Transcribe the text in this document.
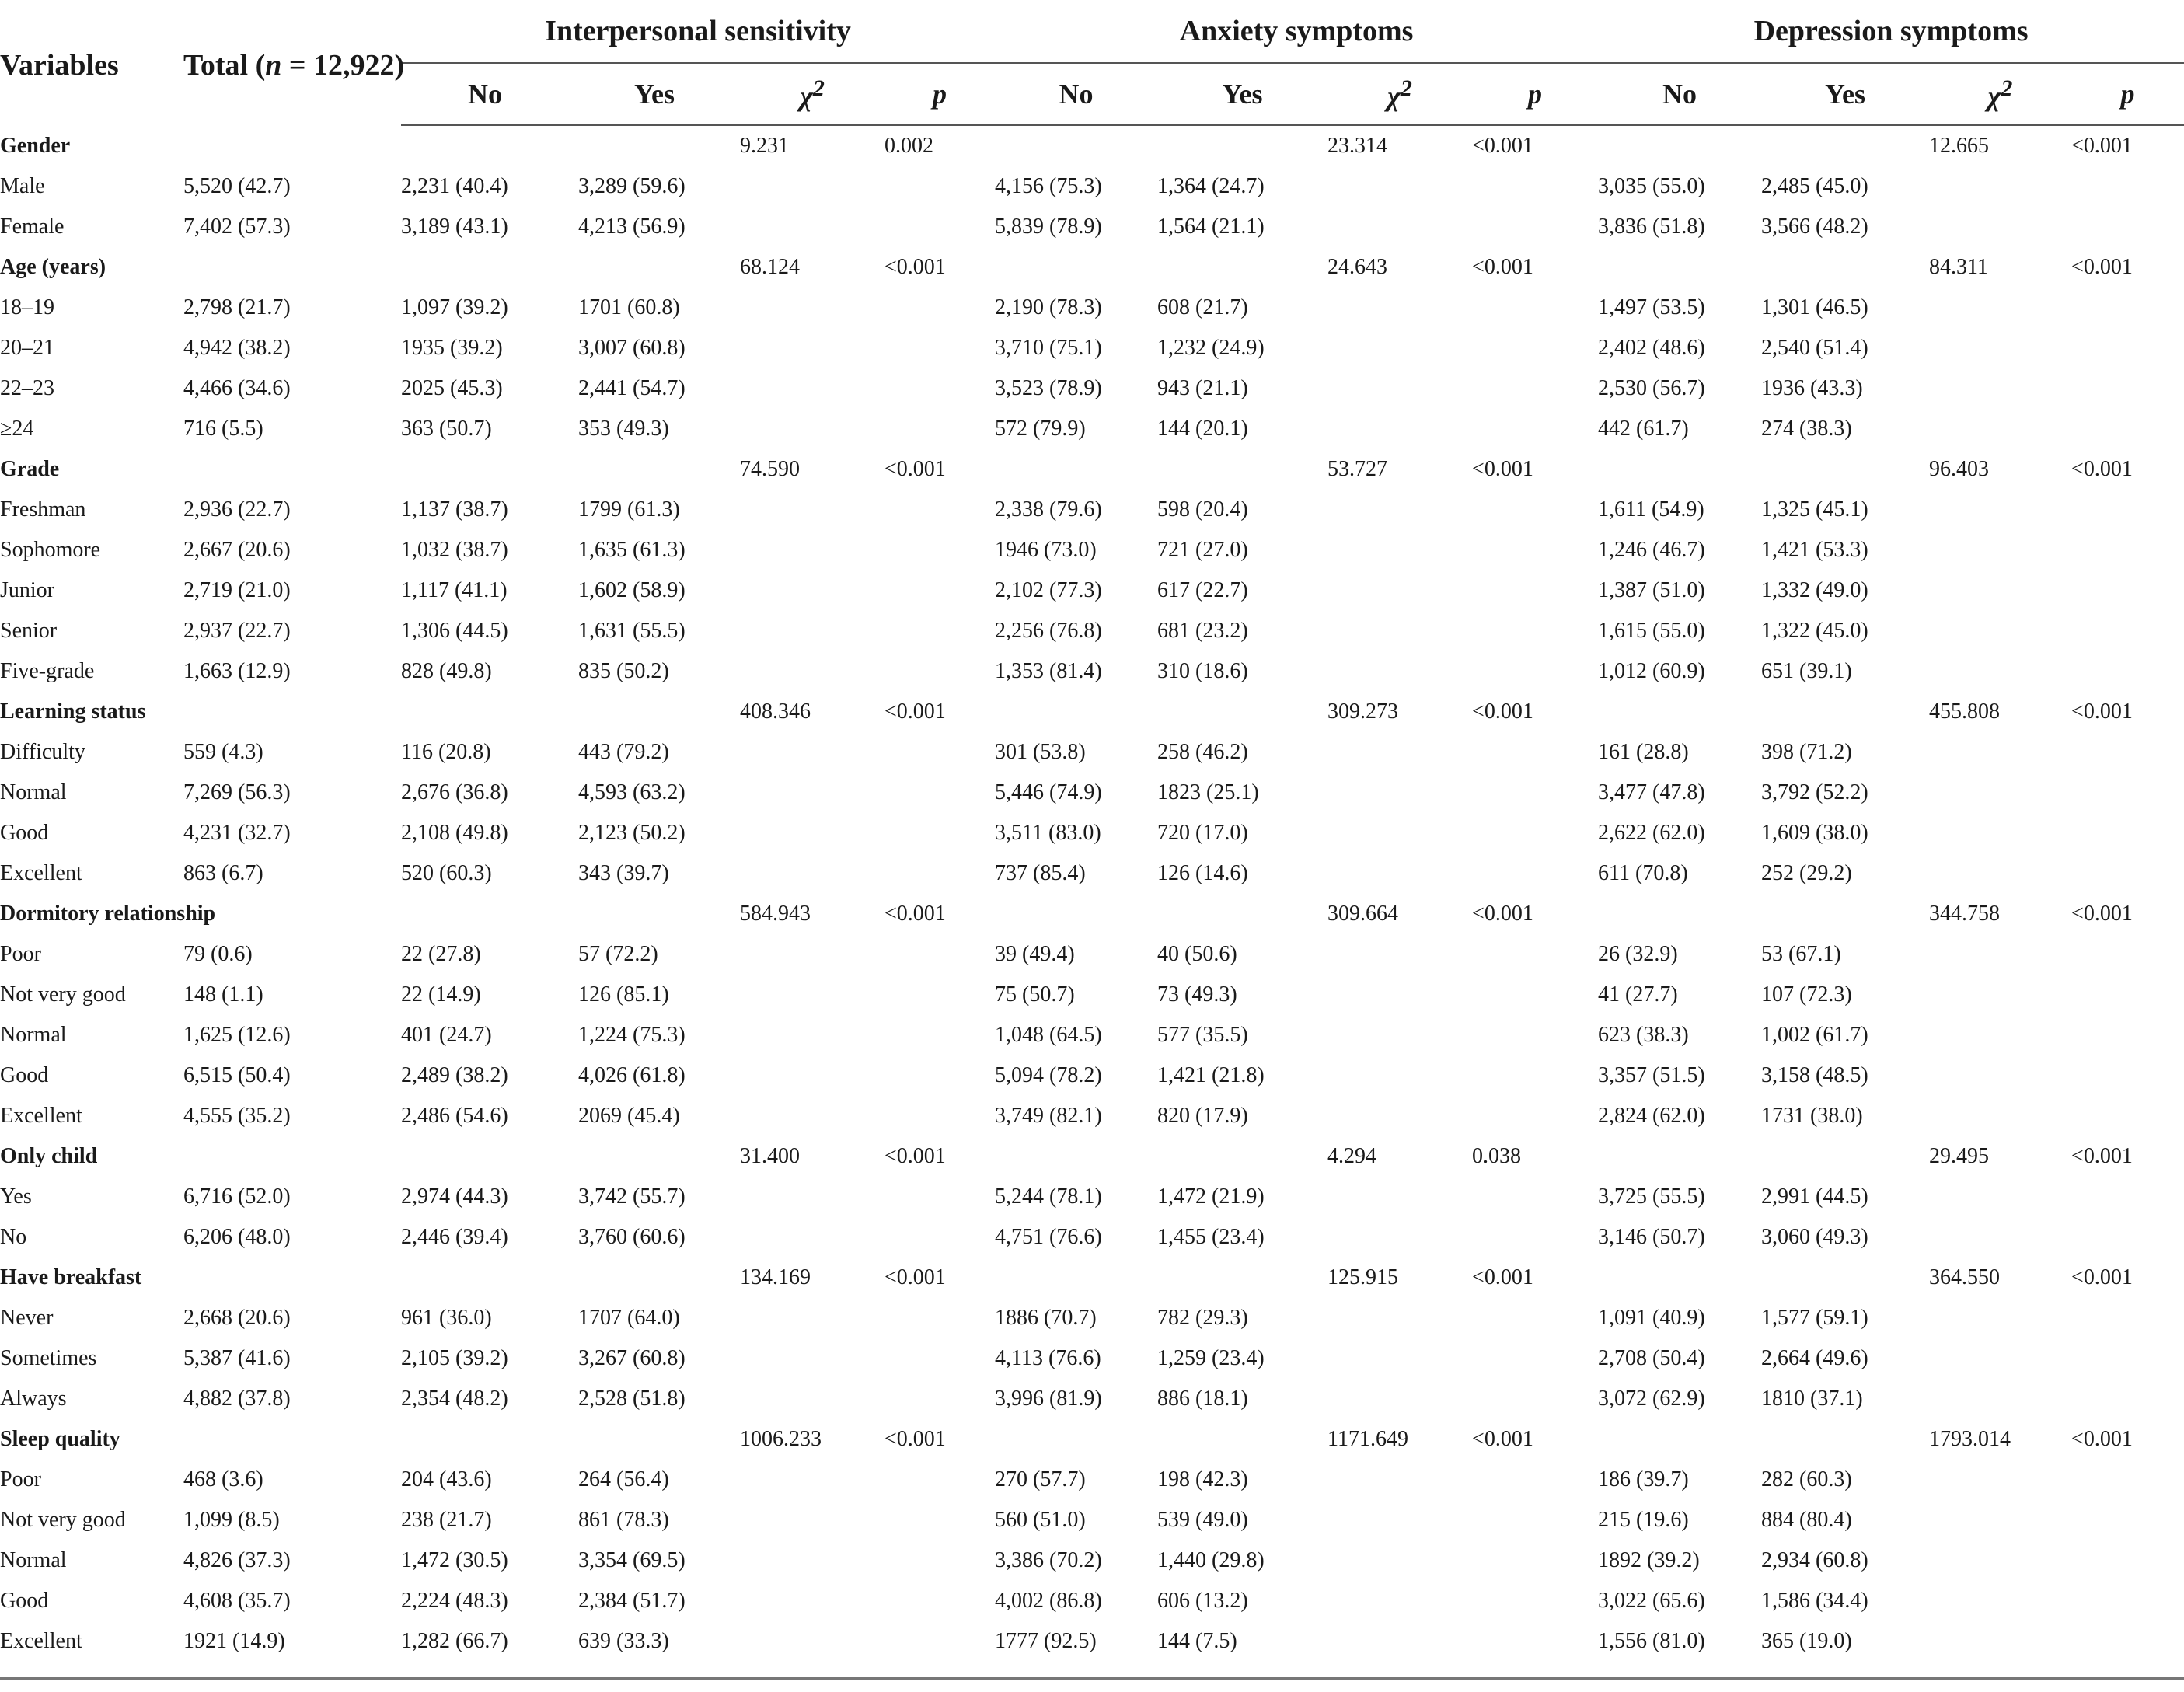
Variables	Total (n = 12,922)	Interpersonal sensitivity				Anxiety symptoms				Depression symptoms			
		No	Yes	$\chi^2$	p	No	Yes	$\chi^2$	p	No	Yes	$\chi^2$	p
Gender				9.231	0.002			23.314	<0.001			12.665	<0.001
Male	5,520 (42.7)	2,231 (40.4)	3,289 (59.6)			4,156 (75.3)	1,364 (24.7)			3,035 (55.0)	2,485 (45.0)		
Female	7,402 (57.3)	3,189 (43.1)	4,213 (56.9)			5,839 (78.9)	1,564 (21.1)			3,836 (51.8)	3,566 (48.2)		
Age (years)				68.124	<0.001			24.643	<0.001			84.311	<0.001
18–19	2,798 (21.7)	1,097 (39.2)	1701 (60.8)			2,190 (78.3)	608 (21.7)			1,497 (53.5)	1,301 (46.5)		
20–21	4,942 (38.2)	1935 (39.2)	3,007 (60.8)			3,710 (75.1)	1,232 (24.9)			2,402 (48.6)	2,540 (51.4)		
22–23	4,466 (34.6)	2025 (45.3)	2,441 (54.7)			3,523 (78.9)	943 (21.1)			2,530 (56.7)	1936 (43.3)		
≥24	716 (5.5)	363 (50.7)	353 (49.3)			572 (79.9)	144 (20.1)			442 (61.7)	274 (38.3)		
Grade				74.590	<0.001			53.727	<0.001			96.403	<0.001
Freshman	2,936 (22.7)	1,137 (38.7)	1799 (61.3)			2,338 (79.6)	598 (20.4)			1,611 (54.9)	1,325 (45.1)		
Sophomore	2,667 (20.6)	1,032 (38.7)	1,635 (61.3)			1946 (73.0)	721 (27.0)			1,246 (46.7)	1,421 (53.3)		
Junior	2,719 (21.0)	1,117 (41.1)	1,602 (58.9)			2,102 (77.3)	617 (22.7)			1,387 (51.0)	1,332 (49.0)		
Senior	2,937 (22.7)	1,306 (44.5)	1,631 (55.5)			2,256 (76.8)	681 (23.2)			1,615 (55.0)	1,322 (45.0)		
Five-grade	1,663 (12.9)	828 (49.8)	835 (50.2)			1,353 (81.4)	310 (18.6)			1,012 (60.9)	651 (39.1)		
Learning status				408.346	<0.001			309.273	<0.001			455.808	<0.001
Difficulty	559 (4.3)	116 (20.8)	443 (79.2)			301 (53.8)	258 (46.2)			161 (28.8)	398 (71.2)		
Normal	7,269 (56.3)	2,676 (36.8)	4,593 (63.2)			5,446 (74.9)	1823 (25.1)			3,477 (47.8)	3,792 (52.2)		
Good	4,231 (32.7)	2,108 (49.8)	2,123 (50.2)			3,511 (83.0)	720 (17.0)			2,622 (62.0)	1,609 (38.0)		
Excellent	863 (6.7)	520 (60.3)	343 (39.7)			737 (85.4)	126 (14.6)			611 (70.8)	252 (29.2)		
Dormitory relationship				584.943	<0.001			309.664	<0.001			344.758	<0.001
Poor	79 (0.6)	22 (27.8)	57 (72.2)			39 (49.4)	40 (50.6)			26 (32.9)	53 (67.1)		
Not very good	148 (1.1)	22 (14.9)	126 (85.1)			75 (50.7)	73 (49.3)			41 (27.7)	107 (72.3)		
Normal	1,625 (12.6)	401 (24.7)	1,224 (75.3)			1,048 (64.5)	577 (35.5)			623 (38.3)	1,002 (61.7)		
Good	6,515 (50.4)	2,489 (38.2)	4,026 (61.8)			5,094 (78.2)	1,421 (21.8)			3,357 (51.5)	3,158 (48.5)		
Excellent	4,555 (35.2)	2,486 (54.6)	2069 (45.4)			3,749 (82.1)	820 (17.9)			2,824 (62.0)	1731 (38.0)		
Only child				31.400	<0.001			4.294	0.038			29.495	<0.001
Yes	6,716 (52.0)	2,974 (44.3)	3,742 (55.7)			5,244 (78.1)	1,472 (21.9)			3,725 (55.5)	2,991 (44.5)		
No	6,206 (48.0)	2,446 (39.4)	3,760 (60.6)			4,751 (76.6)	1,455 (23.4)			3,146 (50.7)	3,060 (49.3)		
Have breakfast				134.169	<0.001			125.915	<0.001			364.550	<0.001
Never	2,668 (20.6)	961 (36.0)	1707 (64.0)			1886 (70.7)	782 (29.3)			1,091 (40.9)	1,577 (59.1)		
Sometimes	5,387 (41.6)	2,105 (39.2)	3,267 (60.8)			4,113 (76.6)	1,259 (23.4)			2,708 (50.4)	2,664 (49.6)		
Always	4,882 (37.8)	2,354 (48.2)	2,528 (51.8)			3,996 (81.9)	886 (18.1)			3,072 (62.9)	1810 (37.1)		
Sleep quality				1006.233	<0.001			1171.649	<0.001			1793.014	<0.001
Poor	468 (3.6)	204 (43.6)	264 (56.4)			270 (57.7)	198 (42.3)			186 (39.7)	282 (60.3)		
Not very good	1,099 (8.5)	238 (21.7)	861 (78.3)			560 (51.0)	539 (49.0)			215 (19.6)	884 (80.4)		
Normal	4,826 (37.3)	1,472 (30.5)	3,354 (69.5)			3,386 (70.2)	1,440 (29.8)			1892 (39.2)	2,934 (60.8)		
Good	4,608 (35.7)	2,224 (48.3)	2,384 (51.7)			4,002 (86.8)	606 (13.2)			3,022 (65.6)	1,586 (34.4)		
Excellent	1921 (14.9)	1,282 (66.7)	639 (33.3)			1777 (92.5)	144 (7.5)			1,556 (81.0)	365 (19.0)		
